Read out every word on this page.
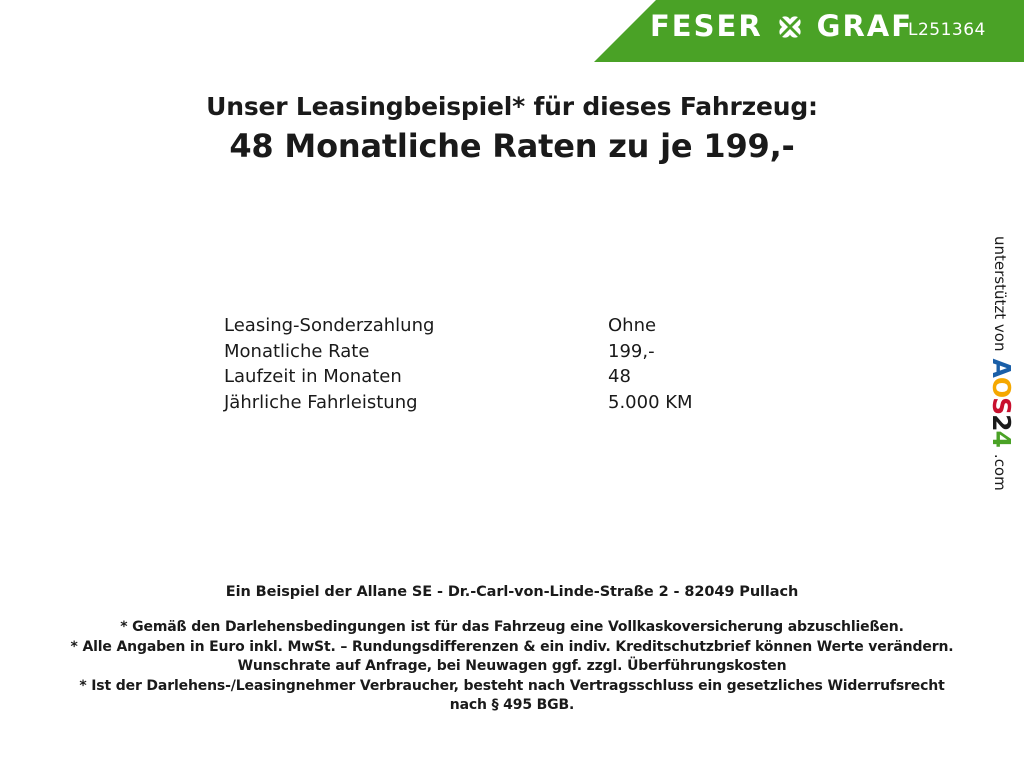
FESER GRAF
L251364
Unser Leasingbeispiel* für dieses Fahrzeug:
48 Monatliche Raten zu je 199,-
Leasing-Sonderzahlung	Ohne
Monatliche Rate	199,-
Laufzeit in Monaten	48
Jährliche Fahrleistung	5.000 KM
unterstützt von
AOS24
.com
Ein Beispiel der Allane SE - Dr.-Carl-von-Linde-Straße 2 - 82049 Pullach

* Gemäß den Darlehensbedingungen ist für das Fahrzeug eine Vollkaskoversicherung abzuschließen.

* Alle Angaben in Euro inkl. MwSt. – Rundungsdifferenzen & ein indiv. Kreditschutzbrief können Werte verändern.

Wunschrate auf Anfrage, bei Neuwagen ggf. zzgl. Überführungskosten

* Ist der Darlehens-/Leasingnehmer Verbraucher, besteht nach Vertragsschluss ein gesetzliches Widerrufsrecht

nach § 495 BGB.
